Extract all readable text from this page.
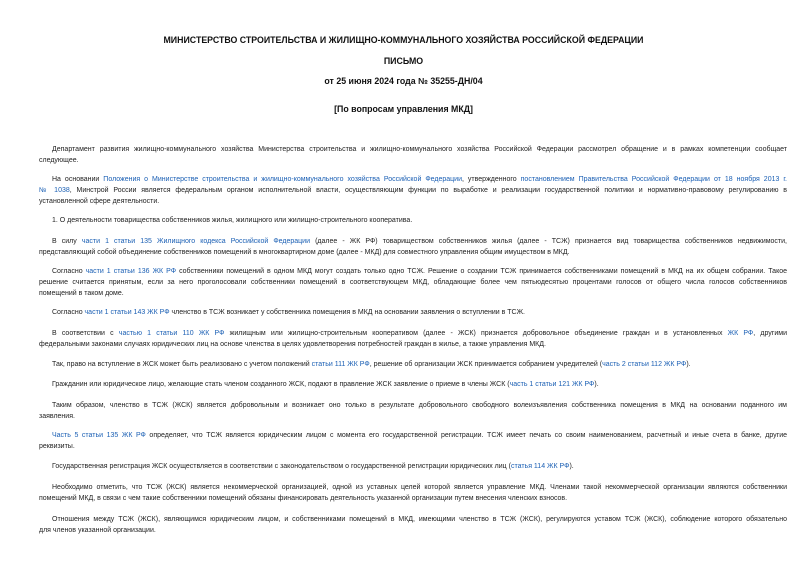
МИНИСТЕРСТВО СТРОИТЕЛЬСТВА И ЖИЛИЩНО-КОММУНАЛЬНОГО ХОЗЯЙСТВА РОССИЙСКОЙ ФЕДЕРАЦИИ
ПИСЬМО
от 25 июня 2024 года № 35255-ДН/04
[По вопросам управления МКД]
Департамент развития жилищно-коммунального хозяйства Министерства строительства и жилищно-коммунального хозяйства Российской Федерации рассмотрел обращение и в рамках компетенции сообщает
следующее.
На основании Положения о Министерстве строительства и жилищно-коммунального хозяйства Российской Федерации, утвержденного постановлением Правительства Российской Федерации от 18 ноября 2013 г.
№ 1038, Минстрой России является федеральным органом исполнительной власти, осуществляющим функции по выработке и реализации государственной политики и нормативно-правовому регулированию в
установленной сфере деятельности.
1. О деятельности товарищества собственников жилья, жилищного или жилищно-строительного кооператива.
В силу части 1 статьи 135 Жилищного кодекса Российской Федерации (далее - ЖК РФ) товариществом собственников жилья (далее - ТСЖ) признается вид товарищества собственников недвижимости,
представляющий собой объединение собственников помещений в многоквартирном доме (далее - МКД) для совместного управления общим имуществом в МКД.
Согласно части 1 статьи 136 ЖК РФ собственники помещений в одном МКД могут создать только одно ТСЖ. Решение о создании ТСЖ принимается собственниками помещений в МКД на их общем собрании. Такое
решение считается принятым, если за него проголосовали собственники помещений в соответствующем МКД, обладающие более чем пятьюдесятью процентами голосов от общего числа голосов собственников
помещений в таком доме.
Согласно части 1 статьи 143 ЖК РФ членство в ТСЖ возникает у собственника помещения в МКД на основании заявления о вступлении в ТСЖ.
В соответствии с частью 1 статьи 110 ЖК РФ жилищным или жилищно-строительным кооперативом (далее - ЖСК) признается добровольное объединение граждан и в установленных ЖК РФ, другими
федеральными законами случаях юридических лиц на основе членства в целях удовлетворения потребностей граждан в жилье, а также управления МКД.
Так, право на вступление в ЖСК может быть реализовано с учетом положений статьи 111 ЖК РФ, решение об организации ЖСК принимается собранием учредителей (часть 2 статьи 112 ЖК РФ).
Гражданин или юридическое лицо, желающие стать членом созданного ЖСК, подают в правление ЖСК заявление о приеме в члены ЖСК (часть 1 статьи 121 ЖК РФ).
Таким образом, членство в ТСЖ (ЖСК) является добровольным и возникает оно только в результате добровольного свободного волеизъявления собственника помещения в МКД на основании поданного им
заявления.
Часть 5 статьи 135 ЖК РФ определяет, что ТСЖ является юридическим лицом с момента его государственной регистрации. ТСЖ имеет печать со своим наименованием, расчетный и иные счета в банке, другие
реквизиты.
Государственная регистрация ЖСК осуществляется в соответствии с законодательством о государственной регистрации юридических лиц (статья 114 ЖК РФ).
Необходимо отметить, что ТСЖ (ЖСК) является некоммерческой организацией, одной из уставных целей которой является управление МКД. Членами такой некоммерческой организации являются собственники
помещений МКД, в связи с чем такие собственники помещений обязаны финансировать деятельность указанной организации путем внесения членских взносов.
Отношения между ТСЖ (ЖСК), являющимся юридическим лицом, и собственниками помещений в МКД, имеющими членство в ТСЖ (ЖСК), регулируются уставом ТСЖ (ЖСК), соблюдение которого обязательно
для членов указанной организации.
